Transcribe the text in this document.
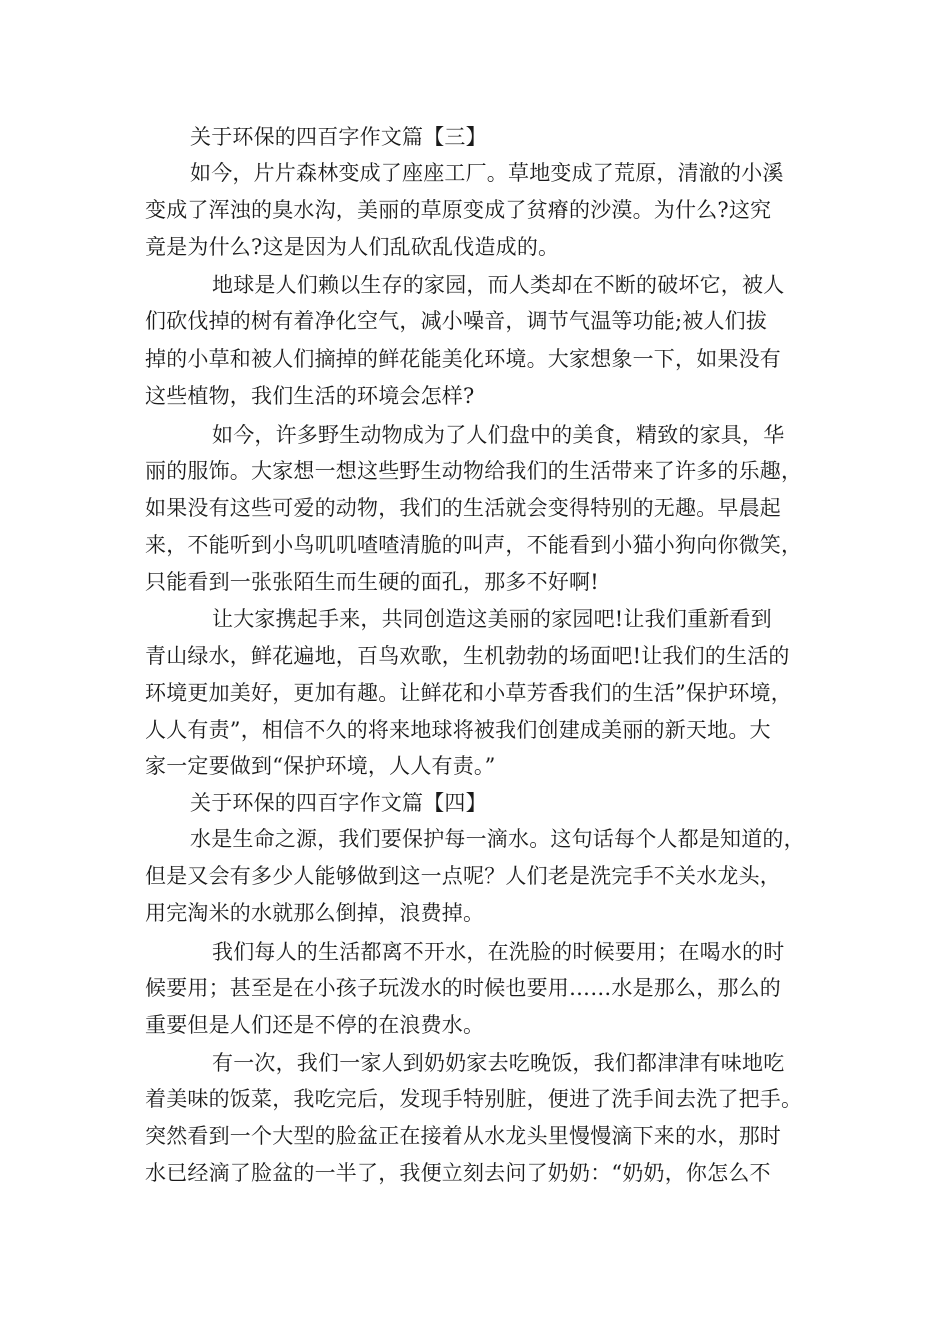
关于环保的四百字作文篇【三】
如今，片片森林变成了座座工厂。草地变成了荒原，清澈的小溪
变成了浑浊的臭水沟，美丽的草原变成了贫瘠的沙漠。为什么?这究
竟是为什么?这是因为人们乱砍乱伐造成的。
地球是人们赖以生存的家园，而人类却在不断的破坏它，被人
们砍伐掉的树有着净化空气，减小噪音，调节气温等功能;被人们拔
掉的小草和被人们摘掉的鲜花能美化环境。大家想象一下，如果没有
这些植物，我们生活的环境会怎样?
如今，许多野生动物成为了人们盘中的美食，精致的家具，华
丽的服饰。大家想一想这些野生动物给我们的生活带来了许多的乐趣，
如果没有这些可爱的动物，我们的生活就会变得特别的无趣。早晨起
来，不能听到小鸟叽叽喳喳清脆的叫声，不能看到小猫小狗向你微笑，
只能看到一张张陌生而生硬的面孔，那多不好啊!
让大家携起手来，共同创造这美丽的家园吧!让我们重新看到
青山绿水，鲜花遍地，百鸟欢歌，生机勃勃的场面吧!让我们的生活的
环境更加美好，更加有趣。让鲜花和小草芳香我们的生活”保护环境，
人人有责”，相信不久的将来地球将被我们创建成美丽的新天地。大
家一定要做到“保护环境，人人有责。”
关于环保的四百字作文篇【四】
水是生命之源，我们要保护每一滴水。这句话每个人都是知道的，
但是又会有多少人能够做到这一点呢？人们老是洗完手不关水龙头，
用完淘米的水就那么倒掉，浪费掉。
我们每人的生活都离不开水，在洗脸的时候要用；在喝水的时
候要用；甚至是在小孩子玩泼水的时候也要用……水是那么，那么的
重要但是人们还是不停的在浪费水。
有一次，我们一家人到奶奶家去吃晚饭，我们都津津有味地吃
着美味的饭菜，我吃完后，发现手特别脏，便进了洗手间去洗了把手。
突然看到一个大型的脸盆正在接着从水龙头里慢慢滴下来的水，那时
水已经滴了脸盆的一半了，我便立刻去问了奶奶：“奶奶，你怎么不
